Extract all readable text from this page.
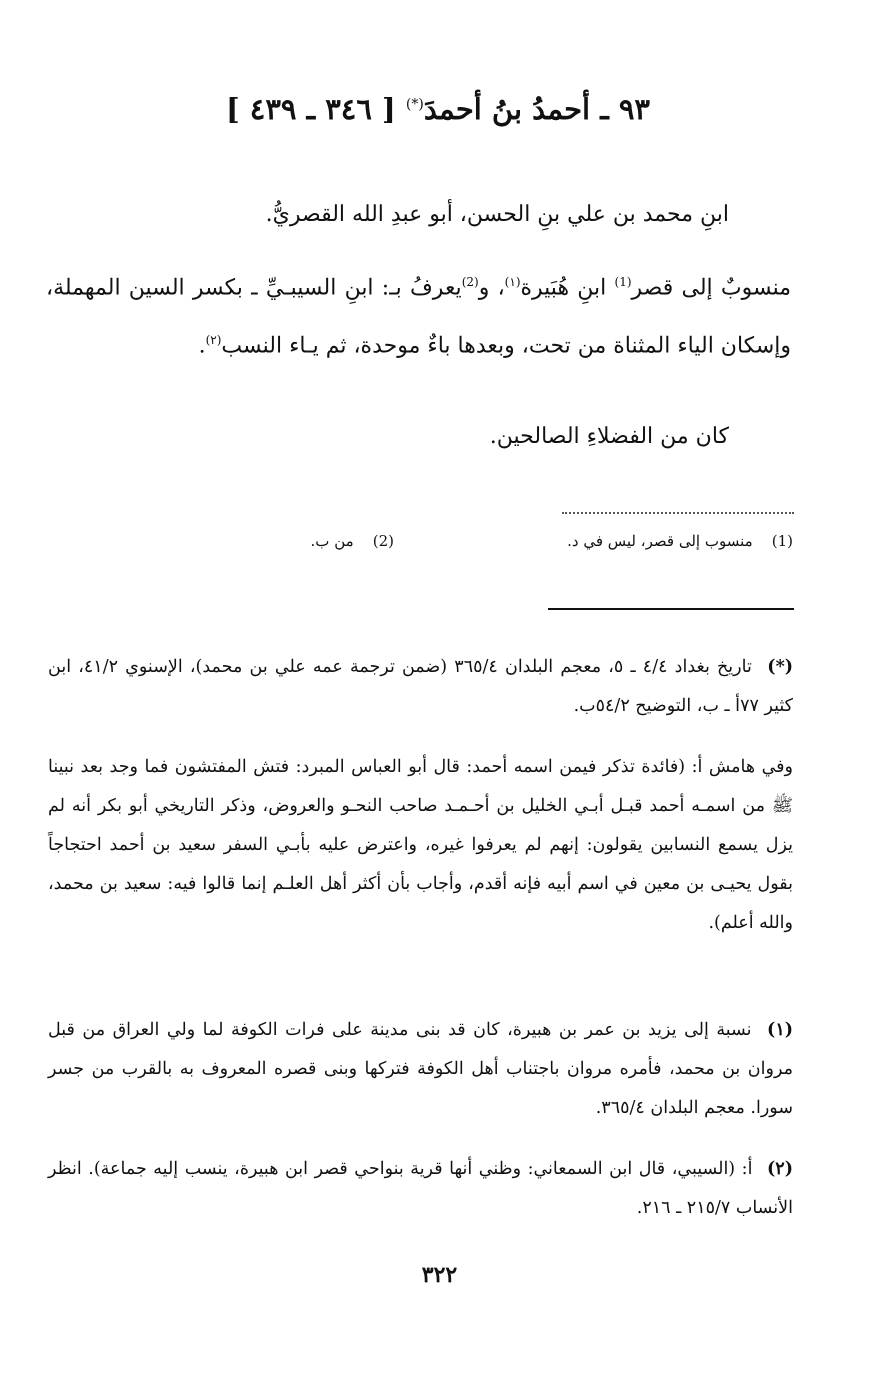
٩٣ ـ أحمدُ بنُ أحمدَ(*) [ ٣٤٦ ـ ٤٣٩ ]
ابنِ محمد بن علي بنِ الحسن، أبو عبدِ الله القصريُّ.
منسوبٌ إلى قصر$^{(1)}$ ابنِ هُبَيرة$^{(١)}$، و$^{(2)}$يعرفُ بـ: ابنِ السيبـيِّ ـ بكسر السين المهملة، وإسكان الياء المثناة من تحت، وبعدها باءٌ موحدة، ثم يـاء النسب$^{(٢)}$.
كان من الفضلاءِ الصالحين.
(1)    منسوب إلى قصر، ليس في د.
(2)    من ب.
(*) تاريخ بغداد ٤/٤ ـ ٥، معجم البلدان ٣٦٥/٤ (ضمن ترجمة عمه علي بن محمد)، الإسنوي ٤١/٢، ابن كثير ٧٧أ ـ ب، التوضيح ٥٤/٢ب.
وفي هامش أ: (فائدة تذكر فيمن اسمه أحمد: قال أبو العباس المبرد: فتش المفتشون فما وجد بعد نبينا ﷺ من اسمـه أحمد قبـل أبـي الخليل بن أحـمـد صاحب النحـو والعروض، وذكر التاريخي أبو بكر أنه لم يزل يسمع النسابين يقولون: إنهم لم يعرفوا غيره، واعترض عليه بأبـي السفر سعيد بن أحمد احتجاجاً بقول يحيـى بن معين في اسم أبيه فإنه أقدم، وأجاب بأن أكثر أهل العلـم إنما قالوا فيه: سعيد بن محمد، والله أعلم).
(١) نسبة إلى يزيد بن عمر بن هبيرة، كان قد بنى مدينة على فرات الكوفة لما ولي العراق من قبل مروان بن محمد، فأمره مروان باجتناب أهل الكوفة فتركها وبنى قصره المعروف به بالقرب من جسر سورا. معجم البلدان ٣٦٥/٤.
(٢) أ: (السيبي، قال ابن السمعاني: وظني أنها قرية بنواحي قصر ابن هبيرة، ينسب إليه جماعة). انظر الأنساب ٢١٥/٧ ـ ٢١٦.
٣٢٢
